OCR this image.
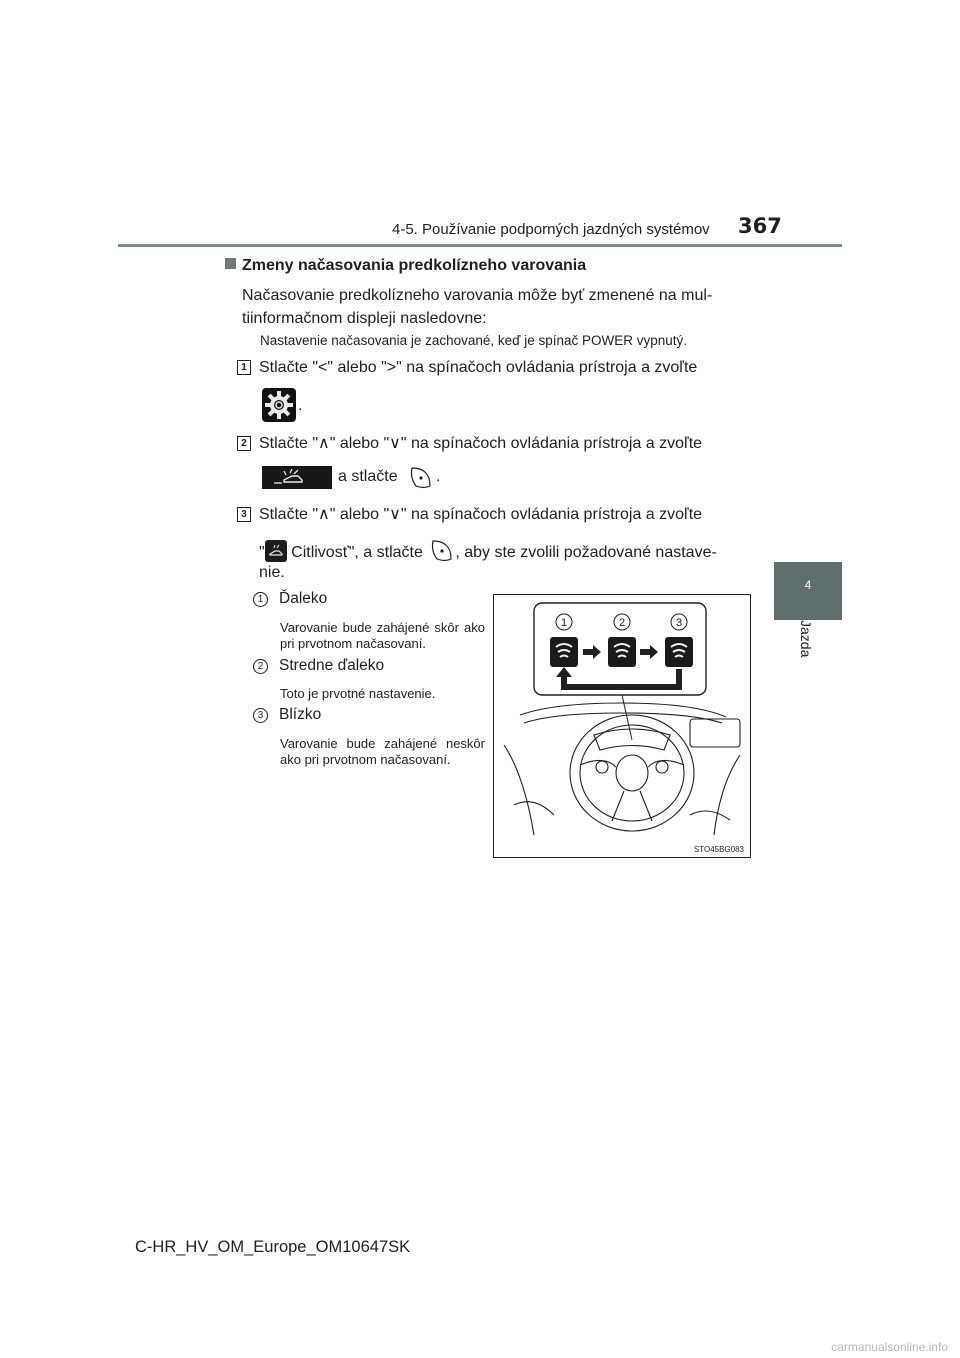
4-5. Používanie podporných jazdných systémov 367
4
Jazda
Zmeny načasovania predkolízneho varovania
Načasovanie predkolízneho varovania môže byť zmenené na mul-
tiinformačnom displeji nasledovne:
Nastavenie načasovania je zachované, keď je spínač POWER vypnutý.
1 Stlačte "<" alebo ">" na spínačoch ovládania prístroja a zvoľte
.
2 Stlačte "∧" alebo "∨" na spínačoch ovládania prístroja a zvoľte
a stlačte .
3 Stlačte "∧" alebo "∨" na spínačoch ovládania prístroja a zvoľte
" Citlivosť", a stlačte , aby ste zvolili požadované nastave-
nie.
1	Ďaleko
Varovanie bude zahájené skôr ako pri prvotnom načasovaní.
2	Stredne ďaleko
Toto je prvotné nastavenie.
3	Blízko
Varovanie bude zahájené neskôr ako pri prvotnom načasovaní.
1	2	3
STO45BG083
C-HR_HV_OM_Europe_OM10647SK
carmanualsonline.info
